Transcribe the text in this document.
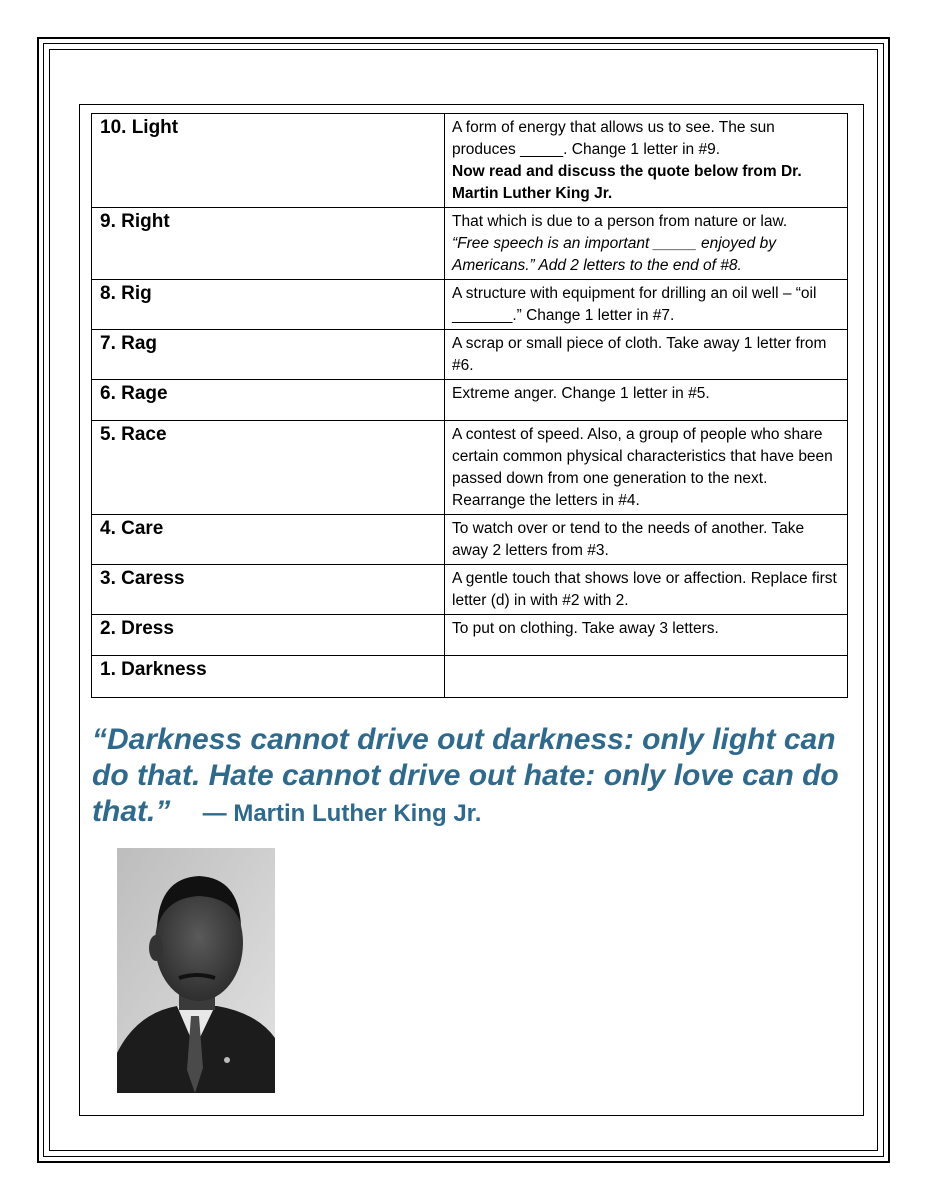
10. Light	A form of energy that allows us to see. The sun produces _____. Change 1 letter in #9.
Now read and discuss the quote below from Dr. Martin Luther King Jr.

9. Right	That which is due to a person from nature or law.
“Free speech is an important _____ enjoyed by Americans.” Add 2 letters to the end of #8.

8. Rig	A structure with equipment for drilling an oil well – “oil _______.” Change 1 letter in #7.
7. Rag	A scrap or small piece of cloth. Take away 1 letter from #6.
6. Rage	Extreme anger. Change 1 letter in #5.
5. Race	A contest of speed. Also, a group of people who share certain common physical characteristics that have been passed down from one generation to the next. Rearrange the letters in #4.
4. Care	To watch over or tend to the needs of another. Take away 2 letters from #3.
3. Caress	A gentle touch that shows love or affection. Replace first letter (d) in with #2 with 2.
2. Dress	To put on clothing. Take away 3 letters.
1. Darkness	
“Darkness cannot drive out darkness: only light can do that. Hate cannot drive out hate: only love can do that.” — Martin Luther King Jr.
